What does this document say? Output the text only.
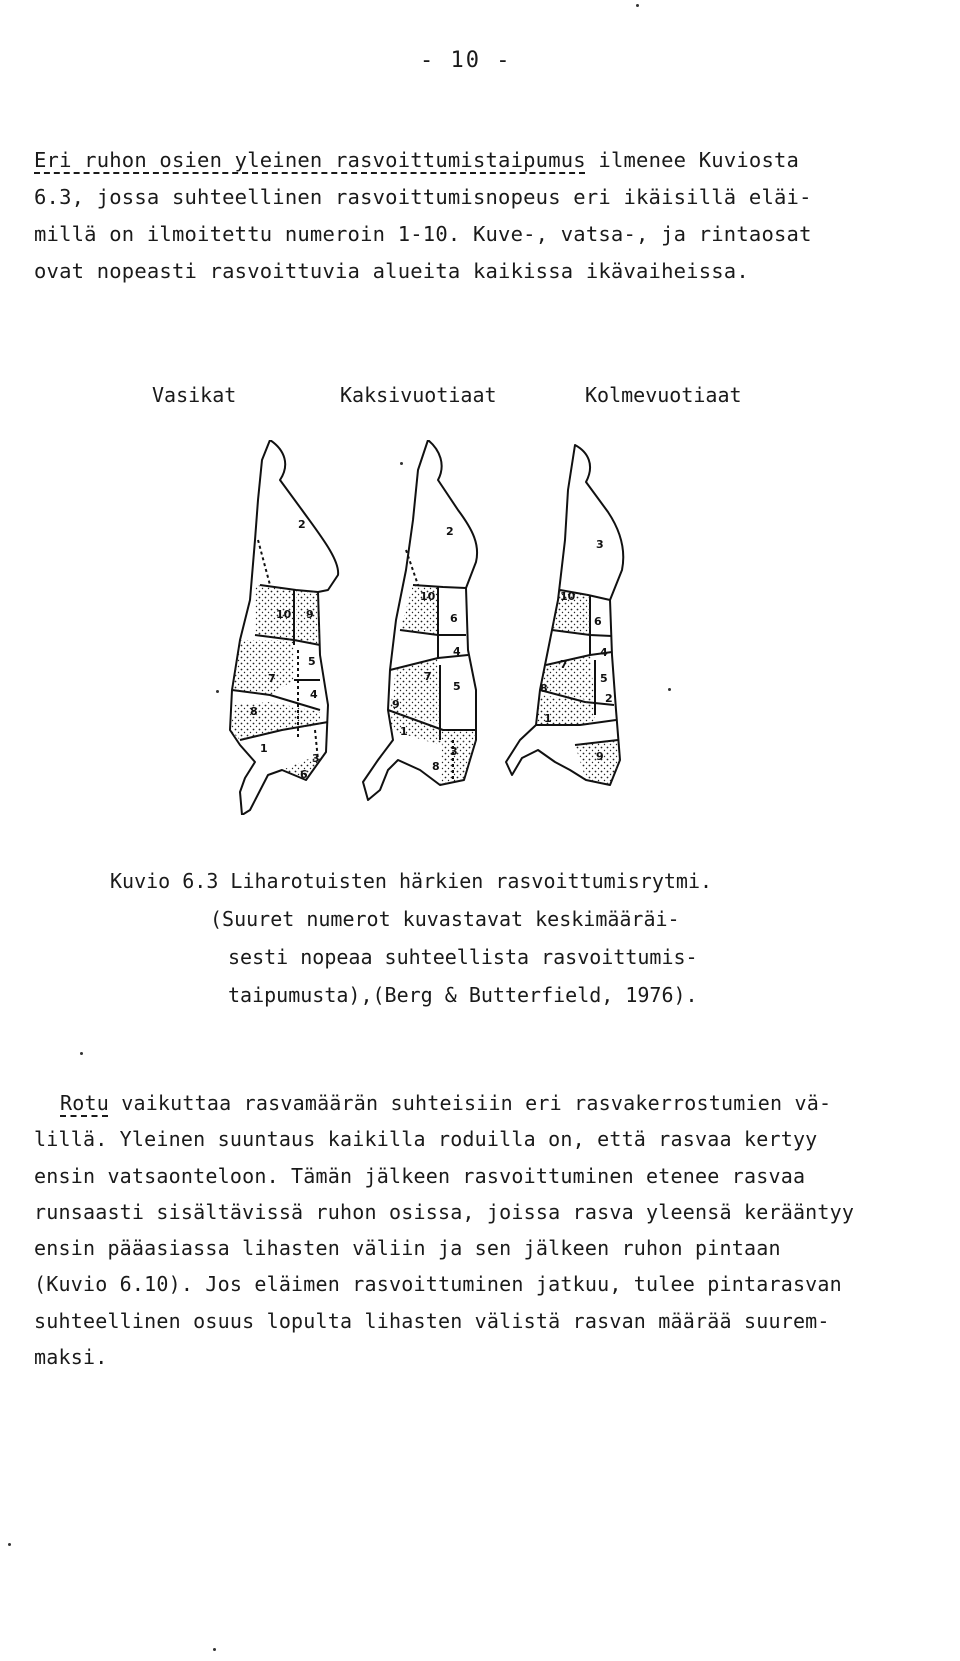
- 10 -
Eri ruhon osien yleinen rasvoittumistaipumus ilmenee Kuviosta
6.3, jossa suhteellinen rasvoittumisnopeus eri ikäisillä eläi-
millä on ilmoitettu numeroin 1-10. Kuve-, vatsa-, ja rintaosat
ovat nopeasti rasvoittuvia alueita kaikissa ikävaiheissa.
Vasikat	Kaksivuotiaat	Kolmevuotiaat
2
10 9
5
7
4
8
1
3
6
2
10
6
4
7
5
9
1
3
8
3
10
6
4
7
5
8
2
1
9
Kuvio 6.3 Liharotuisten härkien rasvoittumisrytmi.
(Suuret numerot kuvastavat keskimääräi-
sesti nopeaa suhteellista rasvoittumis-
taipumusta),(Berg & Butterfield, 1976).
Rotu vaikuttaa rasvamäärän suhteisiin eri rasvakerrostumien vä-
lillä. Yleinen suuntaus kaikilla roduilla on, että rasvaa kertyy
ensin vatsaonteloon. Tämän jälkeen rasvoittuminen etenee rasvaa
runsaasti sisältävissä ruhon osissa, joissa rasva yleensä kerääntyy
ensin pääasiassa lihasten väliin ja sen jälkeen ruhon pintaan
(Kuvio 6.10). Jos eläimen rasvoittuminen jatkuu, tulee pintarasvan
suhteellinen osuus lopulta lihasten välistä rasvan määrää suurem-
maksi.
